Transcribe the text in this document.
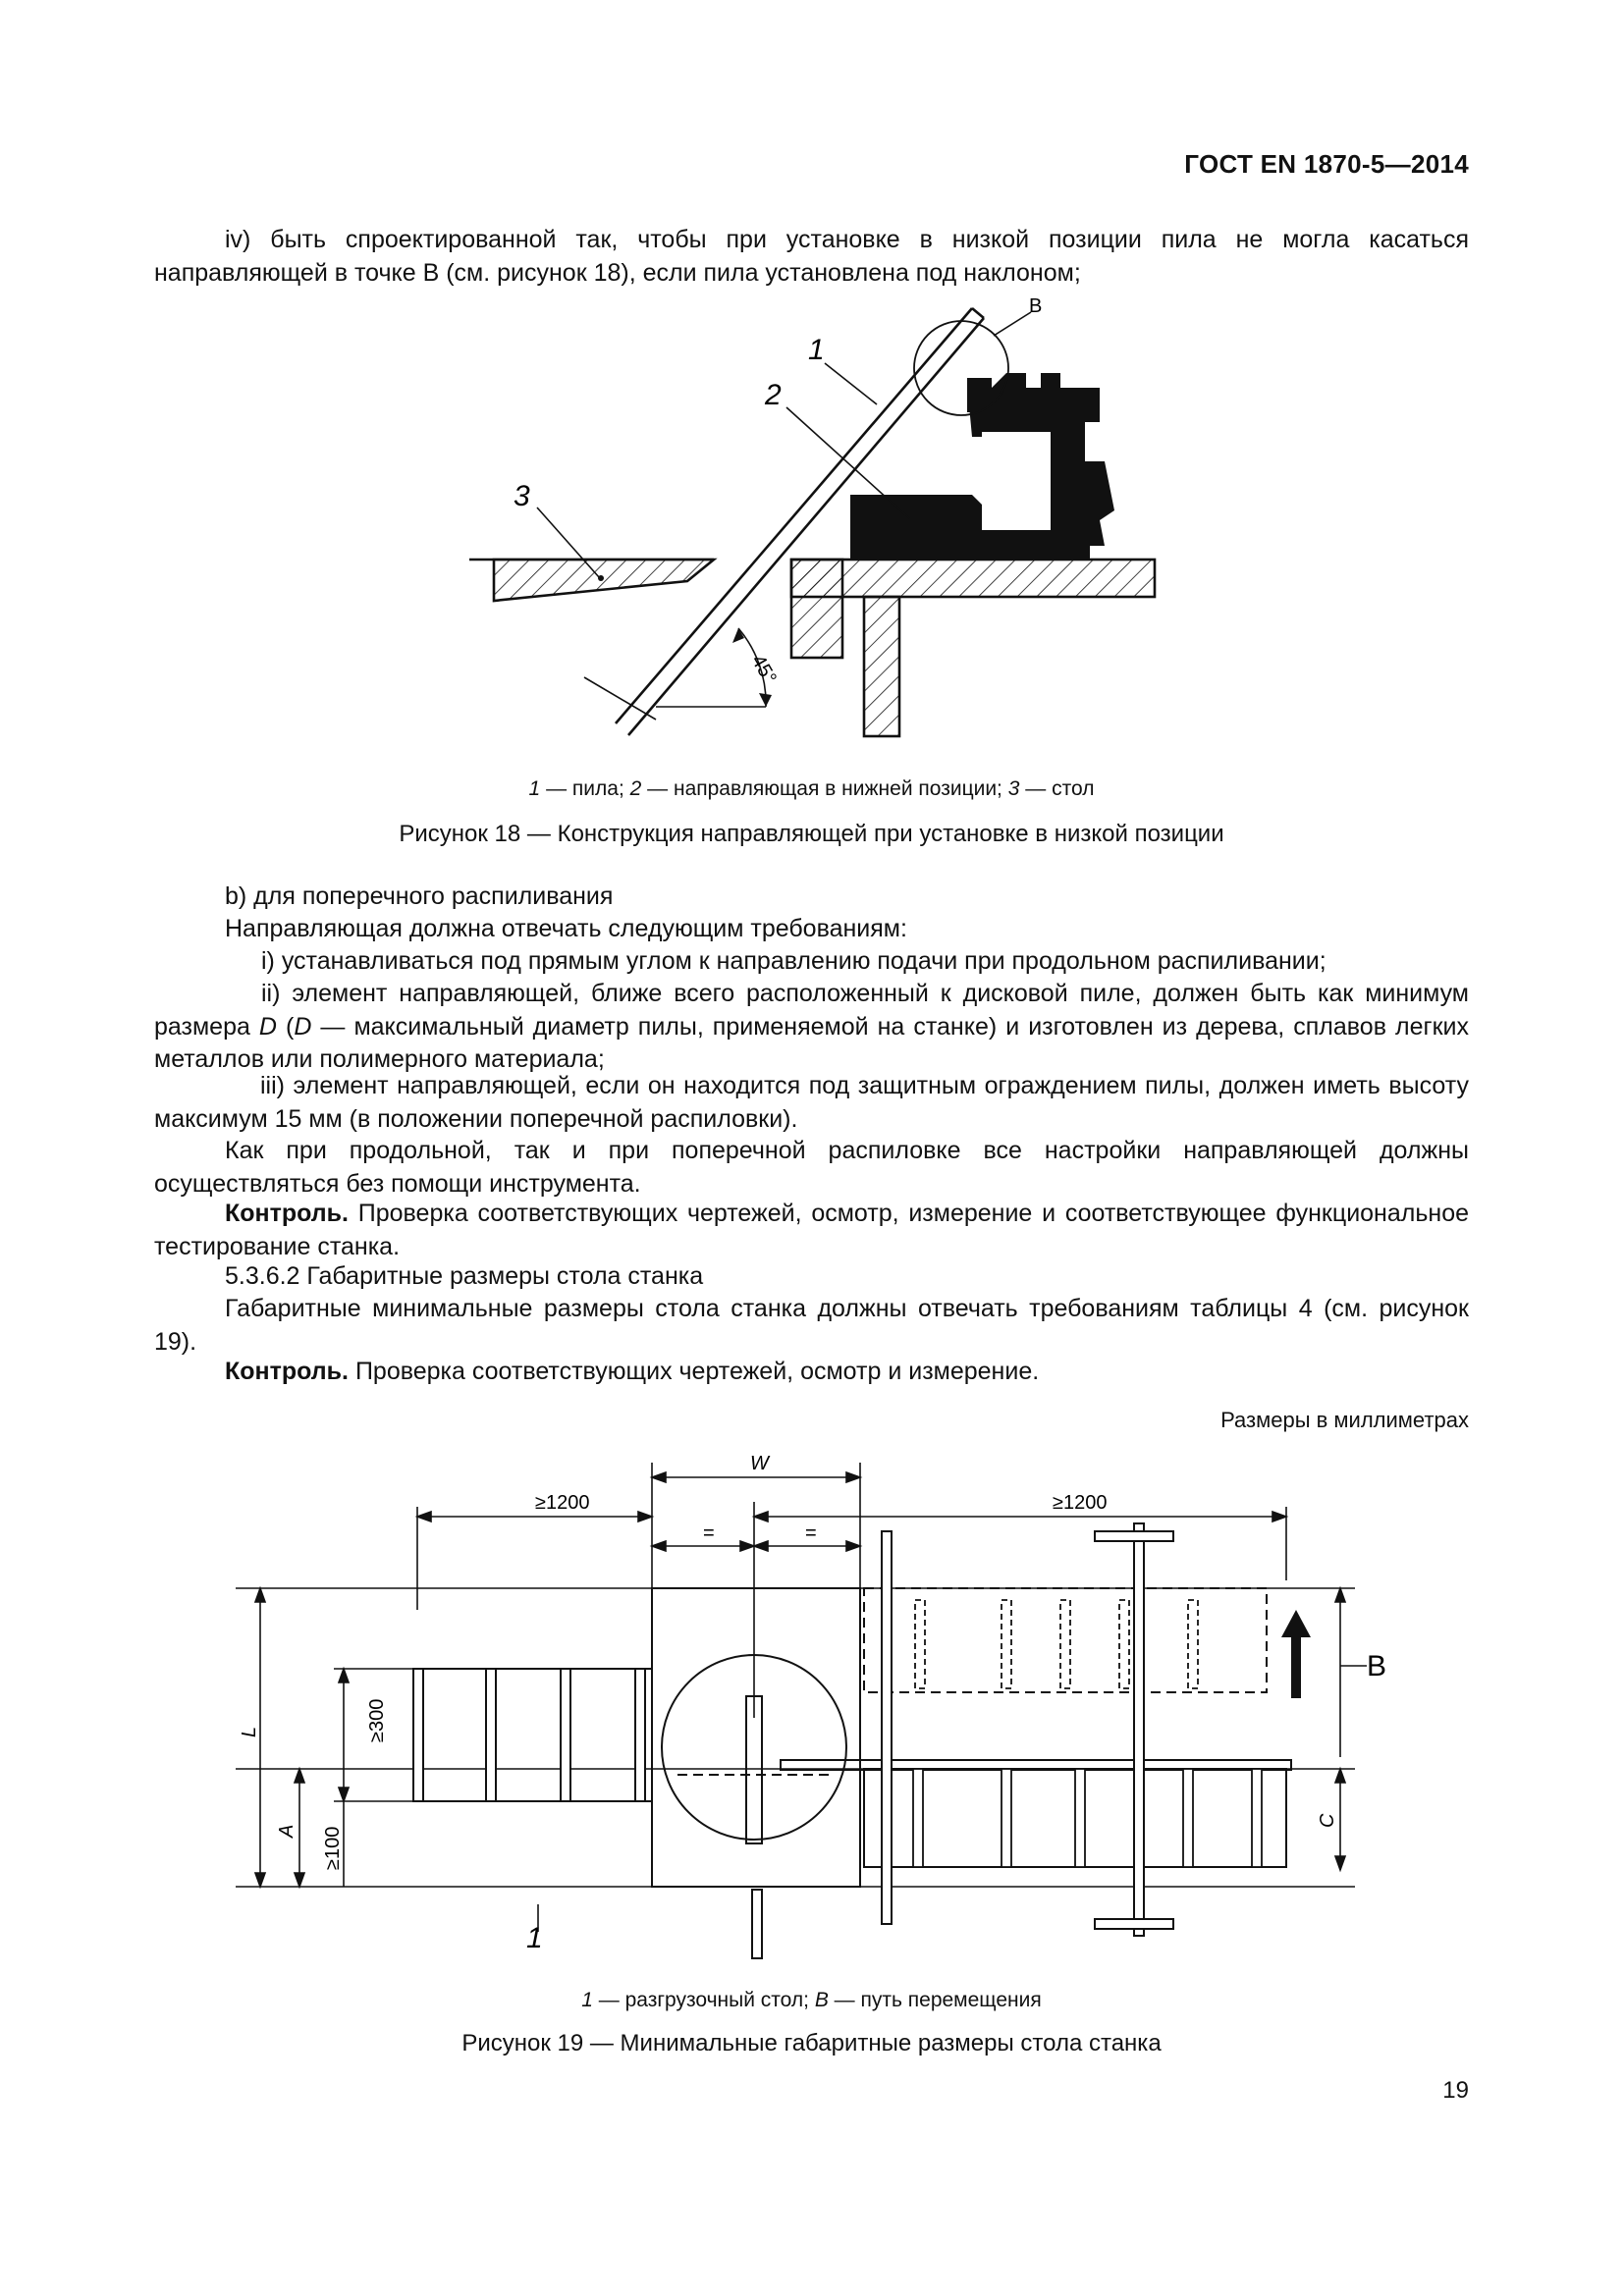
ГОСТ EN 1870-5—2014
iv) быть спроектированной так, чтобы при установке в низкой позиции пила не могла касаться направляющей в точке В (см. рисунок 18), если пила установлена под наклоном;
B
1
2
3
45°
1 — пила; 2 — направляющая в нижней позиции; 3 — стол
Рисунок 18 — Конструкция направляющей при установке в низкой позиции
b) для поперечного распиливания
Направляющая должна отвечать следующим требованиям:
i) устанавливаться под прямым углом к направлению подачи при продольном распиливании;
ii) элемент направляющей, ближе всего расположенный к дисковой пиле, должен быть как минимум размера D (D — максимальный диаметр пилы, применяемой на станке) и изготовлен из дерева, сплавов легких металлов или полимерного материала;
iii) элемент направляющей, если он находится под защитным ограждением пилы, должен иметь высоту максимум 15 мм (в положении поперечной распиловки).
Как при продольной, так и при поперечной распиловке все настройки направляющей должны осуществляться без помощи инструмента.
Контроль. Проверка соответствующих чертежей, осмотр, измерение и соответствующее функциональное тестирование станка.
5.3.6.2 Габаритные размеры стола станка
Габаритные минимальные размеры стола станка должны отвечать требованиям таблицы 4 (см. рисунок 19).
Контроль. Проверка соответствующих чертежей, осмотр и измерение.
Размеры в миллиметрах
W
≥1200	≥1200
=	=
L
A
≥300
≥100
C
B
1
1 — разгрузочный стол; B — путь перемещения
Рисунок 19 — Минимальные габаритные размеры стола станка
19
